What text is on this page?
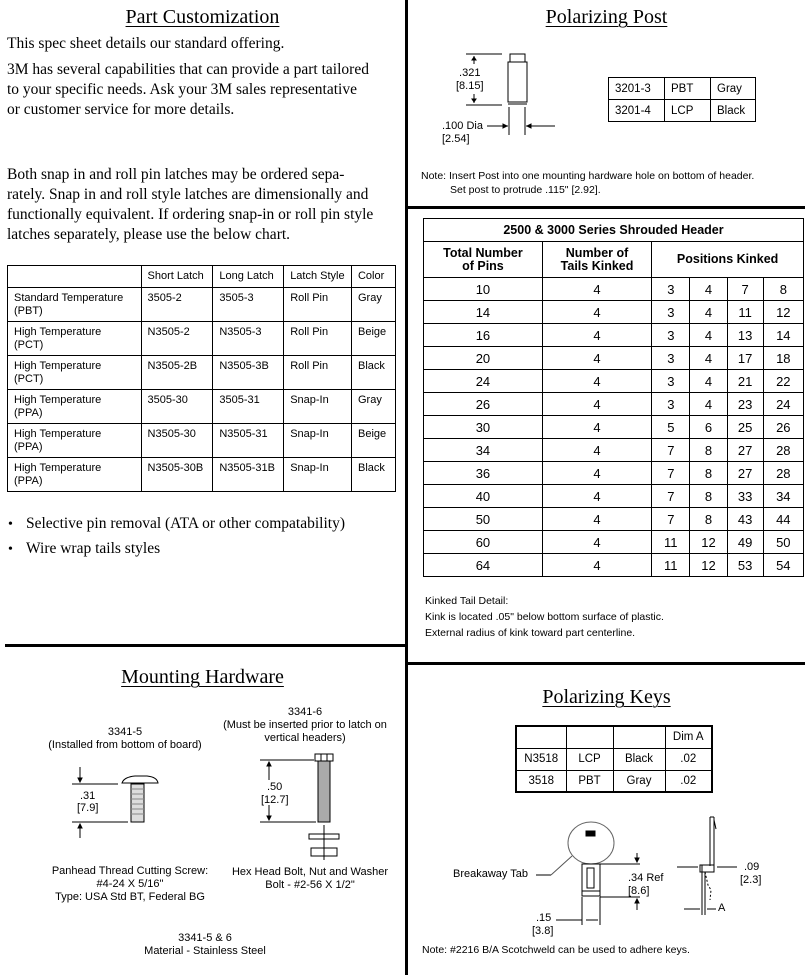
Part Customization
This spec sheet details our standard offering.
3M has several capabilities that can provide a part tailored
to your specific needs. Ask your 3M sales representative
or customer service for more details.
Both snap in and roll pin latches may be ordered sepa-
rately. Snap in and roll style latches are dimensionally and
functionally equivalent. If ordering snap-in or roll pin style
latches separately, please use the below chart.
	Short Latch	Long Latch	Latch Style	Color

Standard Temperature
(PBT)	3505-2	3505-3	Roll Pin	Gray

High Temperature
(PCT)	N3505-2	N3505-3	Roll Pin	Beige

High Temperature
(PCT)	N3505-2B	N3505-3B	Roll Pin	Black

High Temperature
(PPA)	3505-30	3505-31	Snap-In	Gray

High Temperature
(PPA)	N3505-30	N3505-31	Snap-In	Beige

High Temperature
(PPA)	N3505-30B	N3505-31B	Snap-In	Black
• Selective pin removal (ATA or other compatability)
• Wire wrap tails styles
Polarizing Post
.321
[8.15]
.100 Dia
[2.54]
3201-3	PBT	Gray
3201-4	LCP	Black
Note: Insert Post into one mounting hardware hole on bottom of header.
Set post to protrude .115" [2.92].
2500 & 3000 Series Shrouded Header					

Total Number
of Pins

Number of
Tails Kinked	Positions Kinked
10	4	3	4	7	8
14	4	3	4	11	12
16	4	3	4	13	14
20	4	3	4	17	18
24	4	3	4	21	22
26	4	3	4	23	24
30	4	5	6	25	26
34	4	7	8	27	28
36	4	7	8	27	28
40	4	7	8	33	34
50	4	7	8	43	44
60	4	11	12	49	50
64	4	11	12	53	54
Kinked Tail Detail:
Kink is located .05" below bottom surface of plastic.
External radius of kink toward part centerline.
Mounting Hardware
3341-5
(Installed from bottom of board)
3341-6
(Must be inserted prior to latch on
vertical headers)
.31
[7.9]
.50
[12.7]
Panhead Thread Cutting Screw:
#4-24 X 5/16"
Type: USA Std BT, Federal BG
Hex Head Bolt, Nut and Washer
Bolt - #2-56 X 1/2"
3341-5 & 6
Material - Stainless Steel
Polarizing Keys
			Dim A
N3518	LCP	Black	.02
3518	PBT	Gray	.02
Breakaway Tab	.34 Ref
[8.6]
.15
[3.8]
.09
[2.3]
A
Note: #2216 B/A Scotchweld can be used to adhere keys.
